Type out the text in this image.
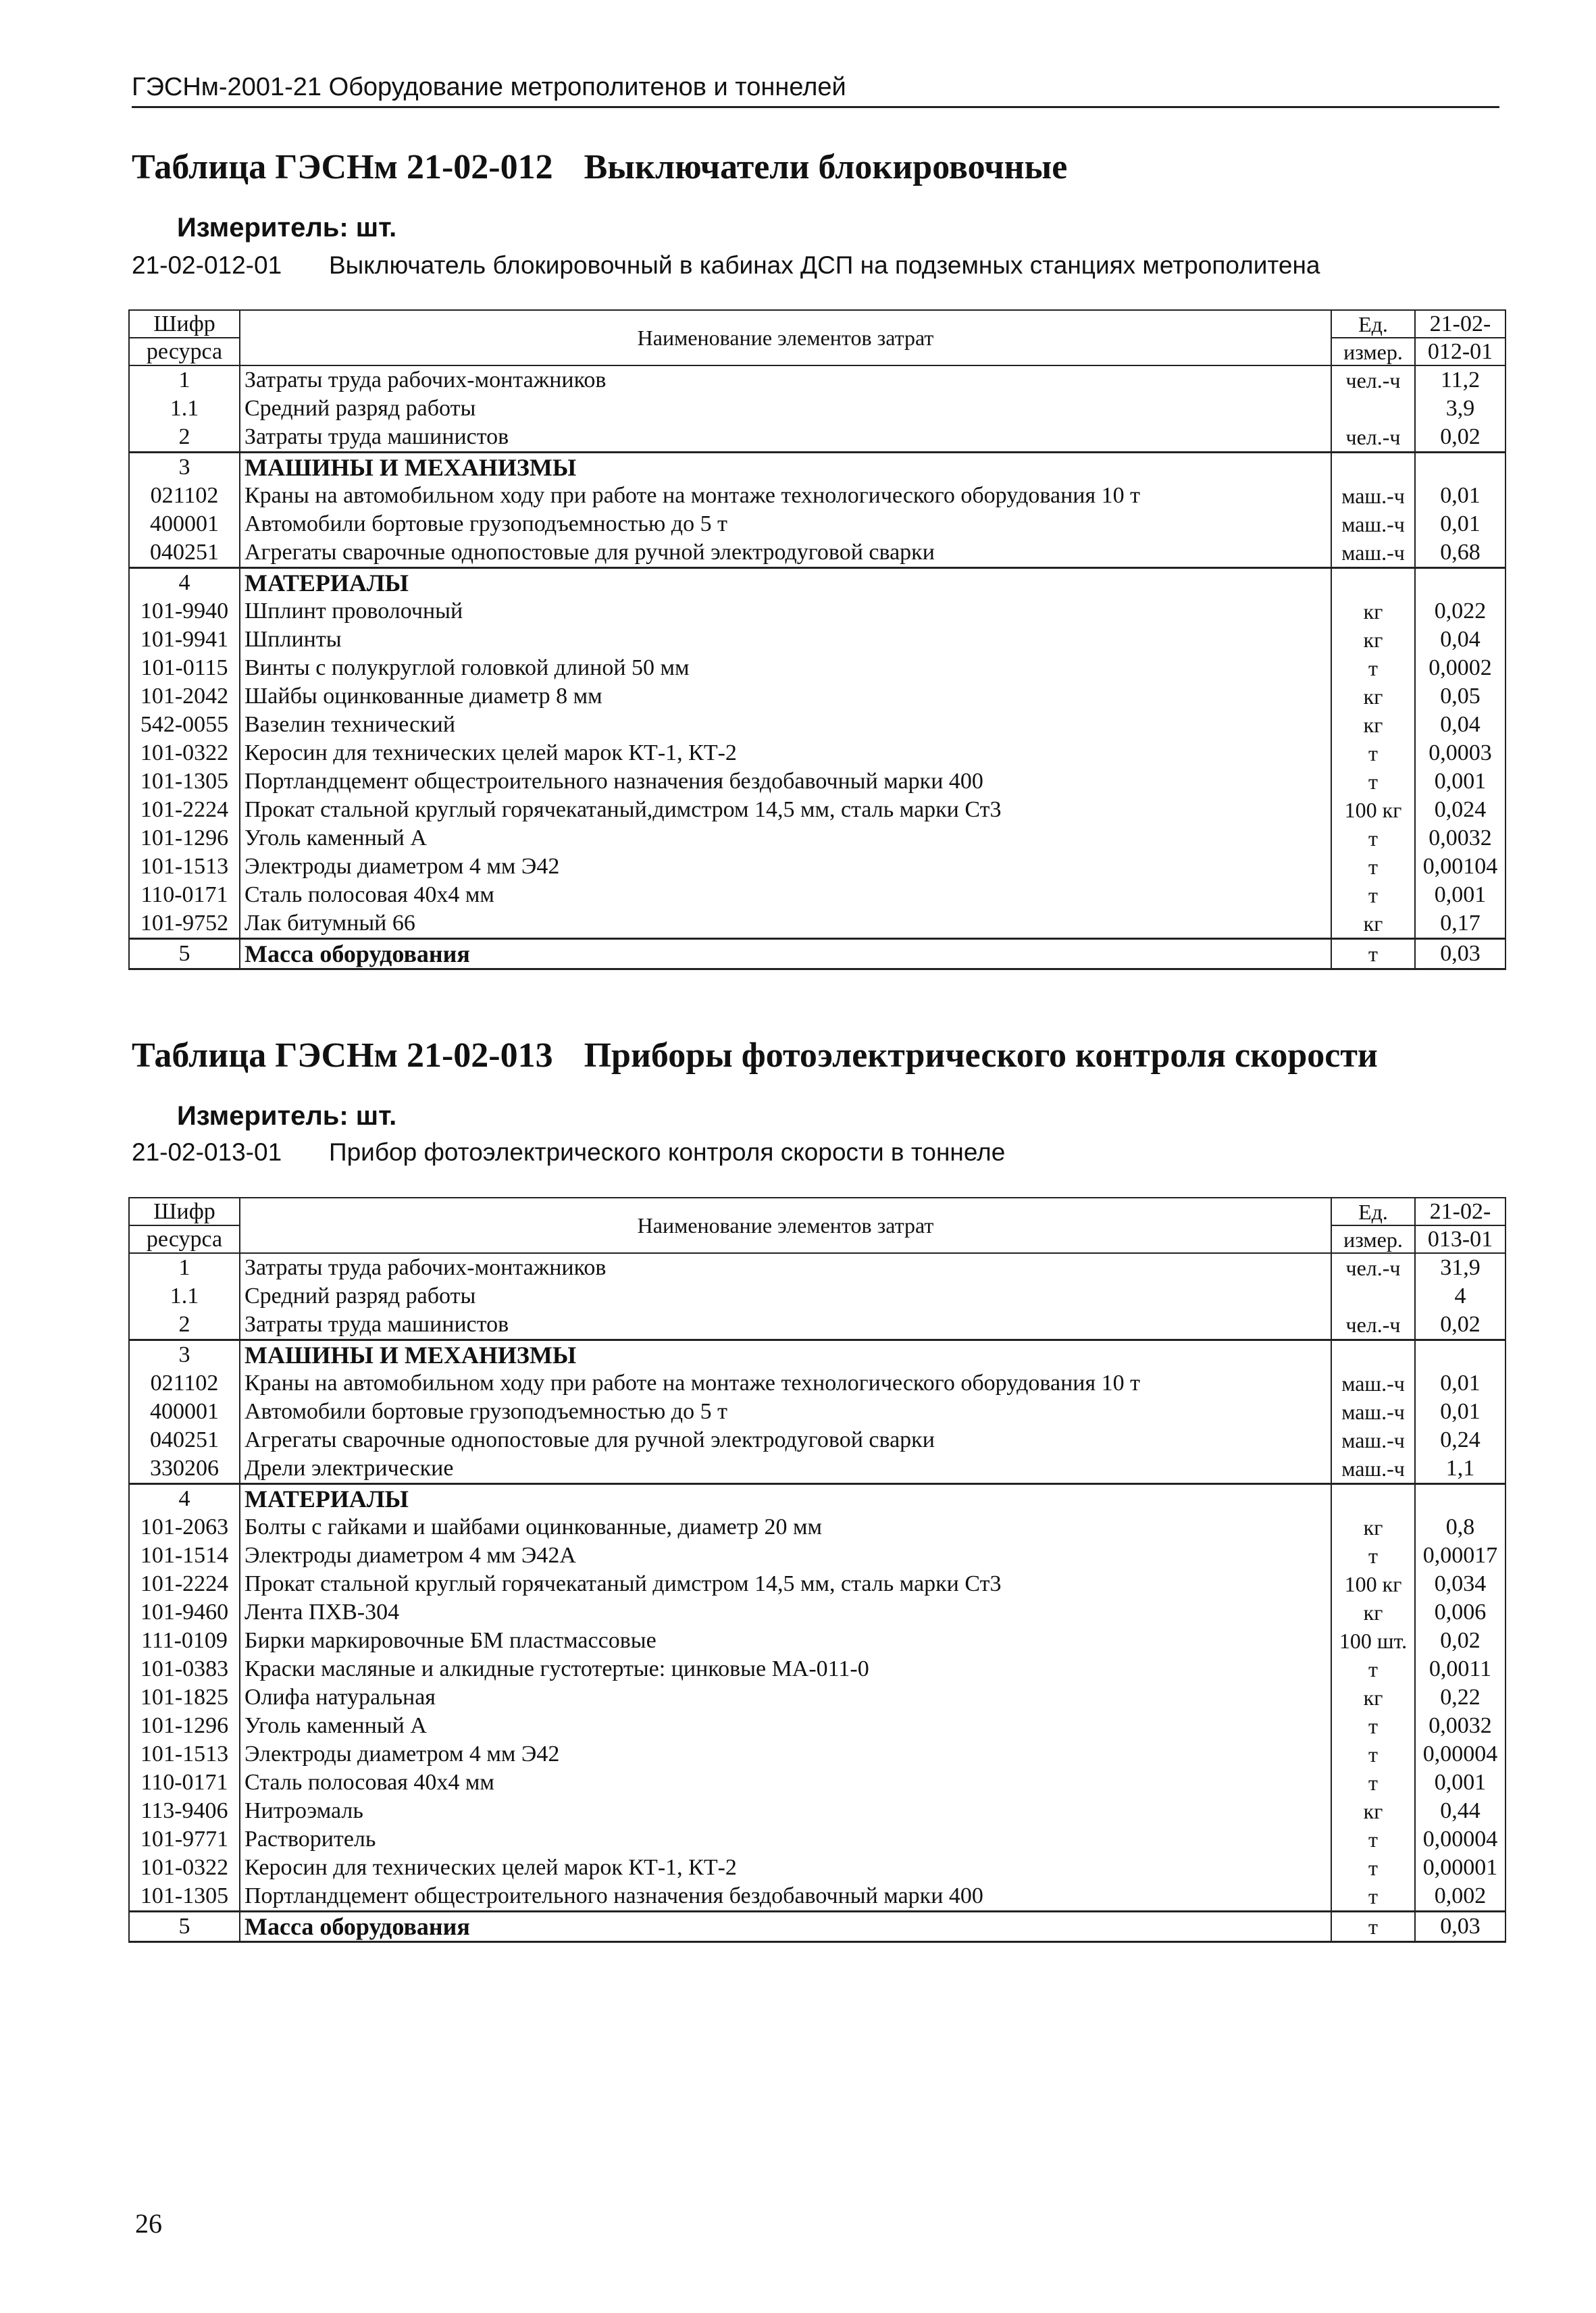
ГЭСНм-2001-21 Оборудование метрополитенов и тоннелей
Таблица ГЭСНм 21-02-012 Выключатели блокировочные
Измеритель: шт.
21-02-012-01 Выключатель блокировочный в кабинах ДСП на подземных станциях метрополитена
Шифр	Наименование элементов затрат	Ед.	21-02-
ресурса		измер.	012-01
1	Затраты труда рабочих-монтажников	чел.-ч	11,2
1.1	Средний разряд работы		3,9
2	Затраты труда машинистов	чел.-ч	0,02
3	МАШИНЫ И МЕХАНИЗМЫ		
021102	Краны на автомобильном ходу при работе на монтаже технологического оборудования 10 т	маш.-ч	0,01
400001	Автомобили бортовые грузоподъемностью до 5 т	маш.-ч	0,01
040251	Агрегаты сварочные однопостовые для ручной электродуговой сварки	маш.-ч	0,68
4	МАТЕРИАЛЫ		
101-9940	Шплинт проволочный	кг	0,022
101-9941	Шплинты	кг	0,04
101-0115	Винты с полукруглой головкой длиной 50 мм	т	0,0002
101-2042	Шайбы оцинкованные диаметр 8 мм	кг	0,05
542-0055	Вазелин технический	кг	0,04
101-0322	Керосин для технических целей марок КТ-1, КТ-2	т	0,0003
101-1305	Портландцемент общестроительного назначения бездобавочный марки 400	т	0,001
101-2224	Прокат стальной круглый горячекатаный,димстром 14,5 мм, сталь марки Ст3	100 кг	0,024
101-1296	Уголь каменный А	т	0,0032
101-1513	Электроды диаметром 4 мм Э42	т	0,00104
110-0171	Сталь полосовая 40х4 мм	т	0,001
101-9752	Лак битумный 66	кг	0,17
5	Масса оборудования	т	0,03
Таблица ГЭСНм 21-02-013 Приборы фотоэлектрического контроля скорости
Измеритель: шт.
21-02-013-01 Прибор фотоэлектрического контроля скорости в тоннеле
Шифр	Наименование элементов затрат	Ед.	21-02-
ресурса		измер.	013-01
1	Затраты труда рабочих-монтажников	чел.-ч	31,9
1.1	Средний разряд работы		4
2	Затраты труда машинистов	чел.-ч	0,02
3	МАШИНЫ И МЕХАНИЗМЫ		
021102	Краны на автомобильном ходу при работе на монтаже технологического оборудования 10 т	маш.-ч	0,01
400001	Автомобили бортовые грузоподъемностью до 5 т	маш.-ч	0,01
040251	Агрегаты сварочные однопостовые для ручной электродуговой сварки	маш.-ч	0,24
330206	Дрели электрические	маш.-ч	1,1
4	МАТЕРИАЛЫ		
101-2063	Болты с гайками и шайбами оцинкованные, диаметр 20 мм	кг	0,8
101-1514	Электроды диаметром 4 мм Э42А	т	0,00017
101-2224	Прокат стальной круглый горячекатаный димстром 14,5 мм, сталь марки Ст3	100 кг	0,034
101-9460	Лента ПХВ-304	кг	0,006
111-0109	Бирки маркировочные БМ пластмассовые	100 шт.	0,02
101-0383	Краски масляные и алкидные густотертые: цинковые МА-011-0	т	0,0011
101-1825	Олифа натуральная	кг	0,22
101-1296	Уголь каменный А	т	0,0032
101-1513	Электроды диаметром 4 мм Э42	т	0,00004
110-0171	Сталь полосовая 40х4 мм	т	0,001
113-9406	Нитроэмаль	кг	0,44
101-9771	Растворитель	т	0,00004
101-0322	Керосин для технических целей марок КТ-1, КТ-2	т	0,00001
101-1305	Портландцемент общестроительного назначения бездобавочный марки 400	т	0,002
5	Масса оборудования	т	0,03
26
